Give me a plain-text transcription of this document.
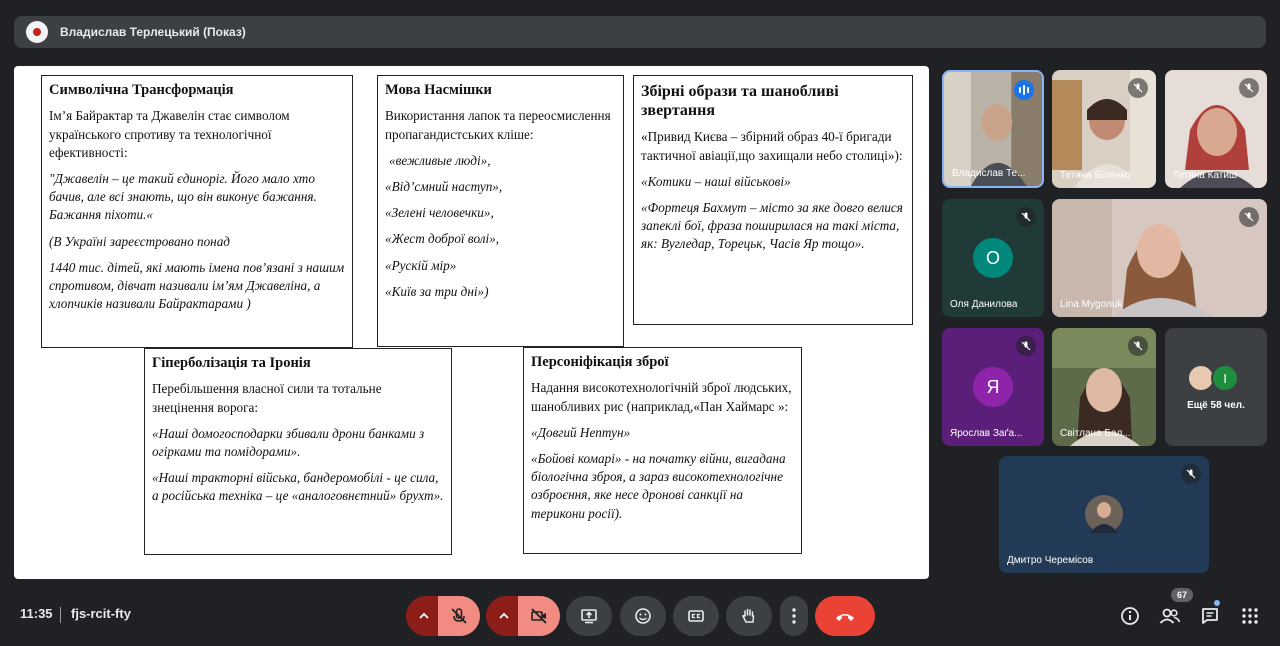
Владислав Терлецький (Показ)
Символічна Трансформація

Ім’я Байрактар та Джавелін стає символом українського спротиву та технологічної ефективності:

"Джавелін – це такий єдиноріг. Його мало хто бачив, але всі знають, що він виконує бажання. Бажання піхоти.«

(В Україні зареєстровано понад

1440 тис. дітей, які мають імена пов’язані з нашим спротивом, дівчат називали ім’ям Джавеліна, а хлопчиків називали Байрактарами )

Мова Насмішки

Використання лапок та переосмислення пропагандистських кліше:

«вежливые люді»,

«Від’смний наступ»,

«Зелені человечки»,

«Жест доброї волі»,

«Рускій мір»

«Київ за три дні»)

Збірні образи та шанобливі звертання

«Привид Києва – збірний образ 40-ї бригади тактичної авіації,що захищали небо столиці»):

«Котики – наші військові»

«Фортеця Бахмут – місто за яке довго велися запеклі бої, фраза поширилася на такі міста, як: Вугледар, Торецьк, Часів Яр тощо».

Гіперболізація та Іронія

Перебільшення власної сили та тотальне знецінення ворога:

«Наші домогосподарки збивали дрони банками з огірками та помідорами».

«Наші тракторні війська, бандеромобілі - це сила, а російська техніка – це «аналоговнєтний» брухт».

Персоніфікація зброї

Надання високотехнологічній зброї людських, шанобливих рис (наприклад,«Пан Хаймарс »:

«Довгий Нептун»

«Бойові комарі» - на початку війни, вигадана біологічна зброя, а зараз високотехнологічне озброєння, яке несе дронові санкції на терикони росії).

Владислав Те...	Тетяна Біленко	Тетяна Катиш
О
Оля Данилова	Lina Mygoлuk
Я
Ярослав Заґа...	Світлана Бал...
I
Ещё 58 чел.
Дмитро Черемісов
11:35 fjs-rcit-fty
67
